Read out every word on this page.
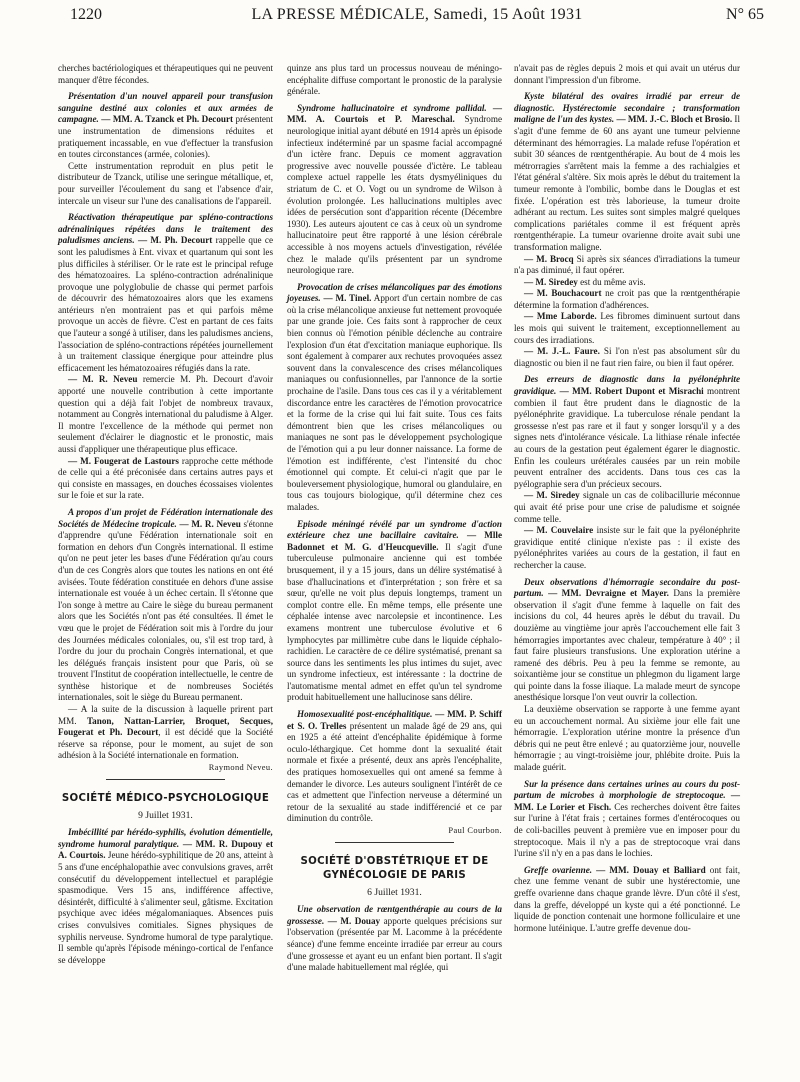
1220	LA PRESSE MÉDICALE, Samedi, 15 Août 1931	N° 65

cherches bactériologiques et thérapeutiques qui ne peuvent manquer d'être fécondes.

Présentation d'un nouvel appareil pour transfusion sanguine destiné aux colonies et aux armées de campagne. — MM. A. Tzanck et Ph. Decourt présentent une instrumentation de dimensions réduites et pratiquement incassable, en vue d'effectuer la transfusion en toutes circonstances (armée, colonies).

Cette instrumentation reproduit en plus petit le distributeur de Tzanck, utilise une seringue métallique, et, pour surveiller l'écoulement du sang et l'absence d'air, intercale un viseur sur l'une des canalisations de l'appareil.

Réactivation thérapeutique par spléno-contractions adrénaliniques répétées dans le traitement des paludismes anciens. — M. Ph. Decourt rappelle que ce sont les paludismes à Ent. vivax et quartanum qui sont les plus difficiles à stériliser. Or le rate est le principal refuge des hématozoaires. La spléno-contraction adrénalinique provoque une polyglobulie de chasse qui permet parfois de découvrir des hématozoaires alors que les examens antérieurs n'en montraient pas et qui parfois même provoque un accès de fièvre. C'est en partant de ces faits que l'auteur a songé à utiliser, dans les paludismes anciens, l'association de spléno-contractions répétées journellement à un traitement classique énergique pour atteindre plus efficacement les hématozoaires réfugiés dans la rate.

— M. R. Neveu remercie M. Ph. Decourt d'avoir apporté une nouvelle contribution à cette importante question qui a déjà fait l'objet de nombreux travaux, notamment au Congrès international du paludisme à Alger. Il montre l'excellence de la méthode qui permet non seulement d'éclairer le diagnostic et le pronostic, mais aussi d'appliquer une thérapeutique plus efficace.

— M. Fougerat de Lastours rapproche cette méthode de celle qui a été préconisée dans certains autres pays et qui consiste en massages, en douches écossaises violentes sur le foie et sur la rate.

A propos d'un projet de Fédération internationale des Sociétés de Médecine tropicale. — M. R. Neveu s'étonne d'apprendre qu'une Fédération internationale soit en formation en dehors d'un Congrès international. Il estime qu'on ne peut jeter les bases d'une Fédération qu'au cours d'un de ces Congrès alors que toutes les nations en ont été avisées. Toute fédération constituée en dehors d'une assise internationale est vouée à un échec certain. Il s'étonne que l'on songe à mettre au Caire le siège du bureau permanent alors que les Sociétés n'ont pas été consultées. Il émet le vœu que le projet de Fédération soit mis à l'ordre du jour des Journées médicales coloniales, ou, s'il est trop tard, à l'ordre du jour du prochain Congrès international, et que les délégués français insistent pour que Paris, où se trouvent l'Institut de coopération intellectuelle, le centre de synthèse historique et de nombreuses Sociétés internationales, soit le siège du Bureau permanent.

— A la suite de la discussion à laquelle prirent part MM. Tanon, Nattan-Larrier, Broquet, Secques, Fougerat et Ph. Decourt, il est décidé que la Société réserve sa réponse, pour le moment, au sujet de son adhésion à la Société internationale en formation.

Raymond Neveu.

SOCIÉTÉ MÉDICO-PSYCHOLOGIQUE
9 Juillet 1931.

Imbécillité par hérédo-syphilis, évolution démentielle, syndrome humoral paralytique. — MM. R. Dupouy et A. Courtois. Jeune hérédo-syphilitique de 20 ans, atteint à 5 ans d'une encéphalopathie avec convulsions graves, arrêt consécutif du développement intellectuel et paraplégie spasmodique. Vers 15 ans, indifférence affective, désintérêt, difficulté à s'alimenter seul, gâtisme. Excitation psychique avec idées mégalomaniaques. Absences puis crises convulsives comitiales. Signes physiques de syphilis nerveuse. Syndrome humoral de type paralytique. Il semble qu'après l'épisode méningo-cortical de l'enfance se développe

quinze ans plus tard un processus nouveau de méningo-encéphalite diffuse comportant le pronostic de la paralysie générale.

Syndrome hallucinatoire et syndrome pallidal. — MM. A. Courtois et P. Mareschal. Syndrome neurologique initial ayant débuté en 1914 après un épisode infectieux indéterminé par un spasme facial accompagné d'un ictère franc. Depuis ce moment aggravation progressive avec nouvelle poussée d'ictère. Le tableau complexe actuel rappelle les états dysmyéliniques du striatum de C. et O. Vogt ou un syndrome de Wilson à évolution prolongée. Les hallucinations multiples avec idées de persécution sont d'apparition récente (Décembre 1930). Les auteurs ajoutent ce cas à ceux où un syndrome hallucinatoire peut être rapporté à une lésion cérébrale accessible à nos moyens actuels d'investigation, révélée chez le malade qu'ils présentent par un syndrome neurologique rare.

Provocation de crises mélancoliques par des émotions joyeuses. — M. Tinel. Apport d'un certain nombre de cas où la crise mélancolique anxieuse fut nettement provoquée par une grande joie. Ces faits sont à rapprocher de ceux bien connus où l'émotion pénible déclenche au contraire l'explosion d'un état d'excitation maniaque euphorique. Ils sont également à comparer aux rechutes provoquées assez souvent dans la convalescence des crises mélancoliques maniaques ou confusionnelles, par l'annonce de la sortie prochaine de l'asile. Dans tous ces cas il y a véritablement discordance entre les caractères de l'émotion provocatrice et la forme de la crise qui lui fait suite. Tous ces faits démontrent bien que les crises mélancoliques ou maniaques ne sont pas le développement psychologique de l'émotion qui a pu leur donner naissance. La forme de l'émotion est indifférente, c'est l'intensité du choc émotionnel qui compte. Et celui-ci n'agit que par le bouleversement physiologique, humoral ou glandulaire, en tous cas toujours biologique, qu'il détermine chez ces malades.

Episode méningé révélé par un syndrome d'action extérieure chez une bacillaire cavitaire. — Mlle Badonnet et M. G. d'Heucqueville. Il s'agit d'une tuberculeuse pulmonaire ancienne qui est tombée brusquement, il y a 15 jours, dans un délire systématisé à base d'hallucinations et d'interprétation ; son frère et sa sœur, qu'elle ne voit plus depuis longtemps, trament un complot contre elle. En même temps, elle présente une céphalée intense avec narcolepsie et incontinence. Les examens montrent une tuberculose évolutive et 6 lymphocytes par millimètre cube dans le liquide céphalo-rachidien. Le caractère de ce délire systématisé, prenant sa source dans les sentiments les plus intimes du sujet, avec un syndrome infectieux, est intéressante : la doctrine de l'automatisme mental admet en effet qu'un tel syndrome produit habituellement une hallucinose sans délire.

Homosexualité post-encéphalitique. — MM. P. Schiff et S. O. Trelles présentent un malade âgé de 29 ans, qui en 1925 a été atteint d'encéphalite épidémique à forme oculo-léthargique. Cet homme dont la sexualité était normale et fixée a présenté, deux ans après l'encéphalite, des pratiques homosexuelles qui ont amené sa femme à demander le divorce. Les auteurs soulignent l'intérêt de ce cas et admettent que l'infection nerveuse a déterminé un retour de la sexualité au stade indifférencié et ce par diminution du contrôle.

Paul Courbon.

SOCIÉTÉ D'OBSTÉTRIQUE ET DE GYNÉCOLOGIE DE PARIS
6 Juillet 1931.

Une observation de rœntgenthérapie au cours de la grossesse. — M. Douay apporte quelques précisions sur l'observation (présentée par M. Lacomme à la précédente séance) d'une femme enceinte irradiée par erreur au cours d'une grossesse et ayant eu un enfant bien portant. Il s'agit d'une malade habituellement mal réglée, qui

n'avait pas de règles depuis 2 mois et qui avait un utérus dur donnant l'impression d'un fibrome.

Kyste bilatéral des ovaires irradié par erreur de diagnostic. Hystérectomie secondaire ; transformation maligne de l'un des kystes. — MM. J.-C. Bloch et Brosio. Il s'agit d'une femme de 60 ans ayant une tumeur pelvienne déterminant des hémorragies. La malade refuse l'opération et subit 30 séances de rœntgenthérapie. Au bout de 4 mois les métrorragies s'arrêtent mais la femme a des rachialgies et l'état général s'altère. Six mois après le début du traitement la tumeur remonte à l'ombilic, bombe dans le Douglas et est fixée. L'opération est très laborieuse, la tumeur droite adhérant au rectum. Les suites sont simples malgré quelques complications pariétales comme il est fréquent après rœntgenthérapie. La tumeur ovarienne droite avait subi une transformation maligne.

— M. Brocq Si après six séances d'irradiations la tumeur n'a pas diminué, il faut opérer.

— M. Siredey est du même avis.

— M. Bouchacourt ne croit pas que la rœntgenthérapie détermine la formation d'adhérences.

— Mme Laborde. Les fibromes diminuent surtout dans les mois qui suivent le traitement, exceptionnellement au cours des irradiations.

— M. J.-L. Faure. Si l'on n'est pas absolument sûr du diagnostic ou bien il ne faut rien faire, ou bien il faut opérer.

Des erreurs de diagnostic dans la pyélonéphrite gravidique. — MM. Robert Dupont et Misrachi montrent combien il faut être prudent dans le diagnostic de la pyélonéphrite gravidique. La tuberculose rénale pendant la grossesse n'est pas rare et il faut y songer lorsqu'il y a des signes nets d'intolérance vésicale. La lithiase rénale infectée au cours de la gestation peut également égarer le diagnostic. Enfin les couleurs urétérales causées par un rein mobile peuvent entraîner des accidents. Dans tous ces cas la pyélographie sera d'un précieux secours.

— M. Siredey signale un cas de colibacillurie méconnue qui avait été prise pour une crise de paludisme et soignée comme telle.

— M. Couvelaire insiste sur le fait que la pyélonéphrite gravidique entité clinique n'existe pas : il existe des pyélonéphrites variées au cours de la gestation, il faut en rechercher la cause.

Deux observations d'hémorragie secondaire du post-partum. — MM. Devraigne et Mayer. Dans la première observation il s'agit d'une femme à laquelle on fait des incisions du col, 44 heures après le début du travail. Du douzième au vingtième jour après l'accouchement elle fait 3 hémorragies importantes avec chaleur, température à 40° ; il faut faire plusieurs transfusions. Une exploration utérine a ramené des débris. Peu à peu la femme se remonte, au soixantième jour se constitue un phlegmon du ligament large qui pointe dans la fosse iliaque. La malade meurt de syncope anesthésique lorsque l'on veut ouvrir la collection.

La deuxième observation se rapporte à une femme ayant eu un accouchement normal. Au sixième jour elle fait une hémorragie. L'exploration utérine montre la présence d'un débris qui ne peut être enlevé ; au quatorzième jour, nouvelle hémorragie ; au vingt-troisième jour, phlébite droite. Puis la malade guérit.

Sur la présence dans certaines urines au cours du post-partum de microbes à morphologie de streptocoque. — MM. Le Lorier et Fisch. Ces recherches doivent être faites sur l'urine à l'état frais ; certaines formes d'entérocoques ou de coli-bacilles peuvent à première vue en imposer pour du streptocoque. Mais il n'y a pas de streptocoque vrai dans l'urine s'il n'y en a pas dans le lochies.

Greffe ovarienne. — MM. Douay et Balliard ont fait, chez une femme venant de subir une hystérectomie, une greffe ovarienne dans chaque grande lèvre. D'un côté il s'est, dans la greffe, développé un kyste qui a été ponctionné. Le liquide de ponction contenait une hormone folliculaire et une hormone lutéinique. L'autre greffe devenue dou-
